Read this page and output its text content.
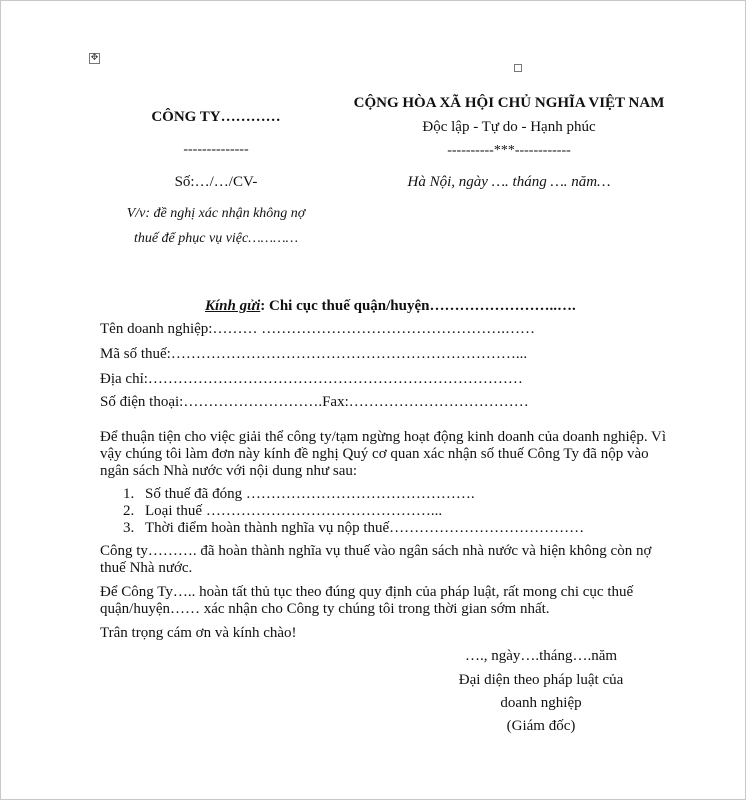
✥
CÔNG TY…………
--------------
Số:…/…/CV-
V/v: đề nghị xác nhận không nợ
thuế để phục vụ việc…………
CỘNG HÒA XÃ HỘI CHỦ NGHĨA VIỆT NAM
Độc lập - Tự do - Hạnh phúc
----------***------------
Hà Nội, ngày …. tháng …. năm…
Kính gửi: Chi cục thuế quận/huyện……………………..….
Tên doanh nghiệp:……… ………………………………………….……
Mã số thuế:……………………………………………………………...
Địa chỉ:…………………………………………………………………
Số điện thoại:……………………….Fax:………………………………
Để thuận tiện cho việc giải thể công ty/tạm ngừng hoạt động kinh doanh của doanh nghiệp. Vì
vậy chúng tôi làm đơn này kính đề nghị Quý cơ quan xác nhận số thuế Công Ty đã nộp vào
ngân sách Nhà nước với nội dung như sau:
1. Số thuế đã đóng ……………………………………….
2. Loại thuế ………………………………………...
3. Thời điểm hoàn thành nghĩa vụ nộp thuế…………………………………
Công ty………. đã hoàn thành nghĩa vụ thuế vào ngân sách nhà nước và hiện không còn nợ
thuế Nhà nước.
Để Công Ty….. hoàn tất thủ tục theo đúng quy định của pháp luật, rất mong chi cục thuế
quận/huyện…… xác nhận cho Công ty chúng tôi trong thời gian sớm nhất.
Trân trọng cám ơn và kính chào!
…., ngày….tháng….năm
Đại diện theo pháp luật của
doanh nghiệp
(Giám đốc)
